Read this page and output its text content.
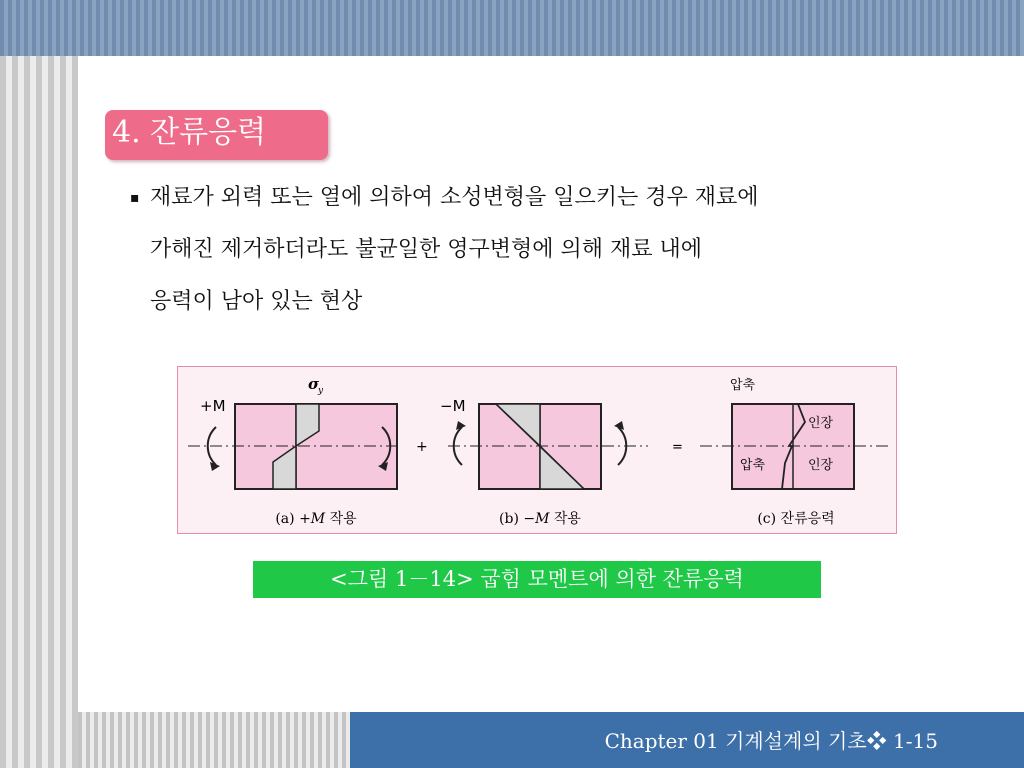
Chapter 01 기계설계의 기초❖ 1-15
4. 잔류응력
▪ 재료가 외력 또는 열에 의하여 소성변형을 일으키는 경우 재료에
가해진 제거하더라도 불균일한 영구변형에 의해 재료 내에
응력이 남아 있는 현상
+M
σ
y
(a) +M 작용
+
−M
(b) −M 작용
=
압축
인장
압축	인장
(c) 잔류응력
<그림 1－14> 굽힘 모멘트에 의한 잔류응력
